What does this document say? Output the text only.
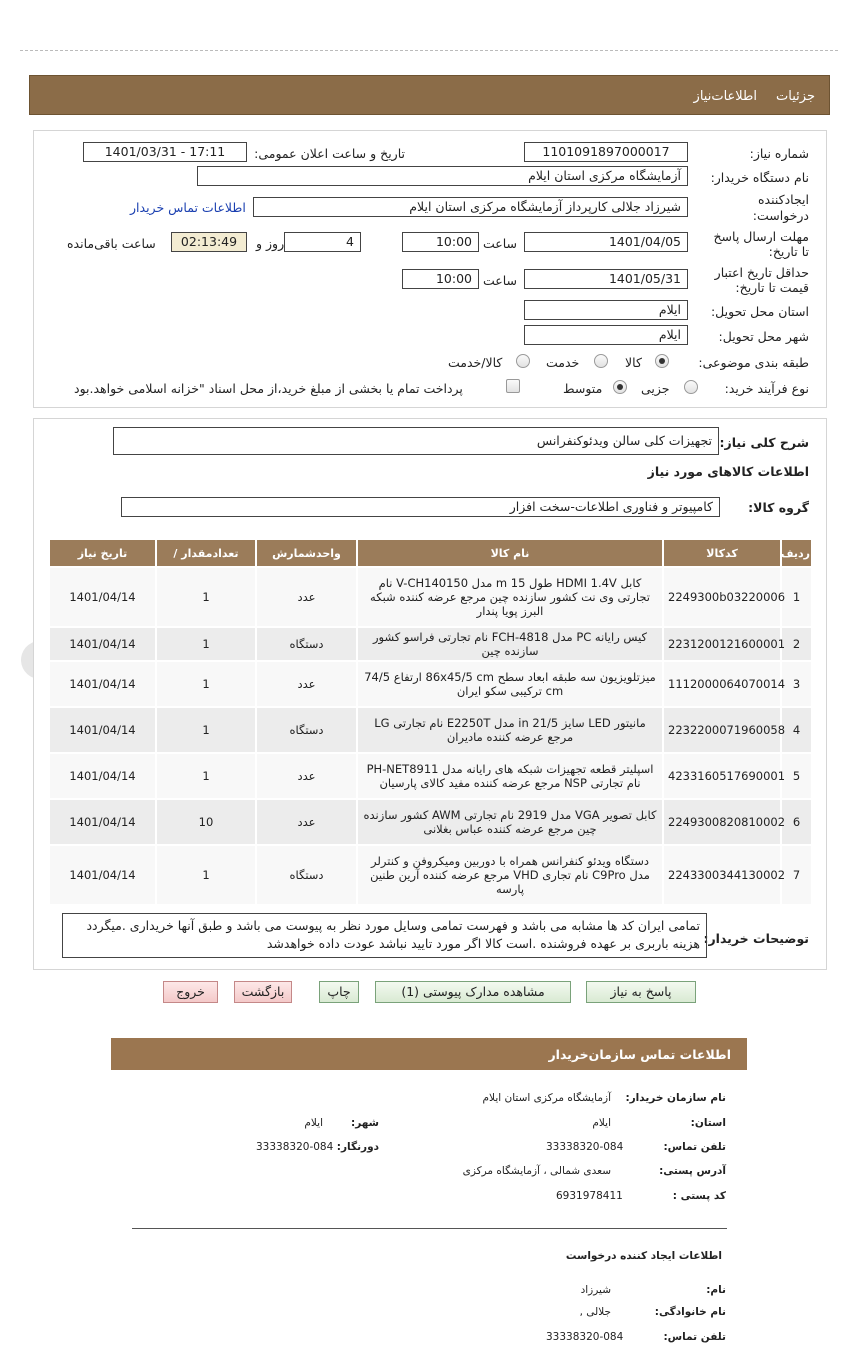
جزئیات
اطلاعات‌نیاز
شماره نیاز:
1101091897000017
تاریخ و ساعت اعلان عمومی:
1401/03/31 - 17:11
نام دستگاه خریدار:
آزمایشگاه مرکزی استان ایلام
ایجادکننده درخواست:
شیرزاد جلالی کارپرداز آزمایشگاه مرکزی استان ایلام
اطلاعات تماس خریدار
مهلت ارسال پاسخ تا تاریخ:
1401/04/05
ساعت
10:00
4
روز و
02:13:49
ساعت باقی‌مانده
حداقل تاریخ اعتبار قیمت تا تاریخ:
1401/05/31
ساعت
10:00
استان محل تحویل:
ایلام
شهر محل تحویل:
ایلام
طبقه بندی موضوعی:
کالا
خدمت
کالا/خدمت
نوع فرآیند خرید:
جزیی
متوسط
پرداخت تمام یا بخشی از مبلغ خرید،از محل اسناد "خزانه اسلامی خواهد.بود
شرح کلی نیاز:
تجهیزات کلی سالن ویدئوکنفرانس
اطلاعات کالاهای مورد نیاز
گروه کالا:
کامپیوتر و فناوری اطلاعات-سخت افزار
ردیف	کدکالا	نام کالا	واحدشمارش	تعدادمقدار /	تاریخ نیاز
1	2249300b03220006	کابل HDMI 1.4V طول 15 m مدل V-CH140150 نام تجارتی وی نت کشور سازنده چین مرجع عرضه کننده شبکه البرز پویا پندار	عدد	1	1401/04/14
2	2231200121600001	کیس رایانه PC مدل FCH-4818 نام تجارتی فراسو کشور سازنده چین	دستگاه	1	1401/04/14
3	1112000064070014	میزتلویزیون سه طبقه ابعاد سطح 86x45/5 cm ارتفاع 74/5 cm ترکیبی سکو ایران	عدد	1	1401/04/14
4	2232200071960058	مانیتور LED سایز 21/5 in مدل E2250T نام تجارتی LG مرجع عرضه کننده مادیران	دستگاه	1	1401/04/14
5	4233160517690001	اسپلیتر قطعه تجهیزات شبکه های رایانه مدل PH-NET8911 نام تجارتی NSP مرجع عرضه کننده مفید کالای پارسیان	عدد	1	1401/04/14
6	2249300820810002	کابل تصویر VGA مدل 2919 نام تجارتی AWM کشور سازنده چین مرجع عرضه کننده عباس بغلانی	عدد	10	1401/04/14
7	2243300344130002	دستگاه ویدئو کنفرانس همراه با دوربین ومیکروفن و کنترلر مدل C9Pro نام تجاری VHD مرجع عرضه کننده آرین طنین پارسه	دستگاه	1	1401/04/14
توضیحات خریدار:
تمامی ایران کد ها مشابه می باشد و فهرست تمامی وسایل مورد نظر به پیوست می باشد و طبق آنها خریداری .میگردد هزینه باربری بر عهده فروشنده .است کالا اگر مورد تایید نباشد عودت داده خواهدشد
پاسخ به نیاز
مشاهده مدارک پیوستی (1)
چاپ
بازگشت
خروج
اطلاعات تماس سازمان‌خریدار
نام سازمان خریدار:
آزمایشگاه مرکزی استان ایلام
استان:
ایلام
شهر:
ایلام
تلفن تماس:
33338320-084
دورنگار:
33338320-084
آدرس پستی:
سعدی شمالی ، آزمایشگاه مرکزی
کد پستی :
6931978411
اطلاعات ایجاد کننده درخواست
نام:
شیرزاد
نام خانوادگی:
جلالی ,
تلفن تماس:
33338320-084
